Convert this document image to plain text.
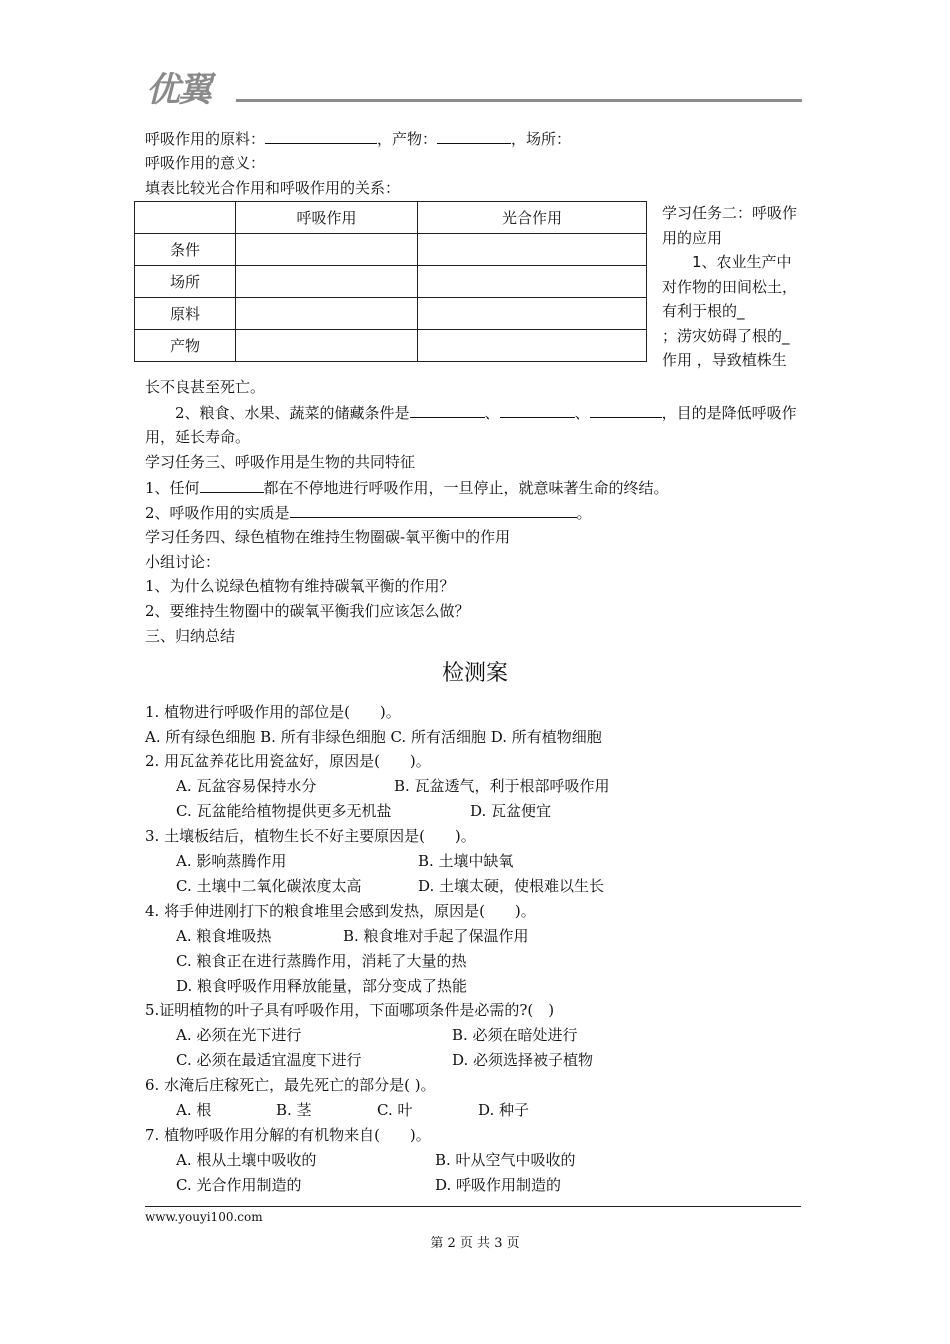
优翼
呼吸作用的原料：	，产物：	，场所：
呼吸作用的意义：
填表比较光合作用和呼吸作用的关系：
	呼吸作用	光合作用
条件		
场所		
原料		
产物		
学习任务二：呼吸作
用的应用
　　1、农业生产中
对作物的田间松土，
有利于根的_
；涝灾妨碍了根的_
作用 ，导致植株生
长不良甚至死亡。
　　2、粮食、水果、蔬菜的储藏条件是	、	、	，目的是降低呼吸作
用，延长寿命。
学习任务三、呼吸作用是生物的共同特征
1、任何	都在不停地进行呼吸作用，一旦停止，就意味著生命的终结。
2、呼吸作用的实质是	。
学习任务四、绿色植物在维持生物圈碳-氧平衡中的作用
小组讨论：
1、为什么说绿色植物有维持碳氧平衡的作用？
2、要维持生物圈中的碳氧平衡我们应该怎么做？
三、归纳总结
检测案
1. 植物进行呼吸作用的部位是(　　)。
A. 所有绿色细胞 B. 所有非绿色细胞 C. 所有活细胞 D. 所有植物细胞
2. 用瓦盆养花比用瓷盆好，原因是(　　)。
A. 瓦盆容易保持水分	B. 瓦盆透气，利于根部呼吸作用
C. 瓦盆能给植物提供更多无机盐	D. 瓦盆便宜
3. 土壤板结后，植物生长不好主要原因是(　　)。
A. 影响蒸腾作用	B. 土壤中缺氧
C. 土壤中二氧化碳浓度太高	D. 土壤太硬，使根难以生长
4. 将手伸进刚打下的粮食堆里会感到发热，原因是(　　)。
A. 粮食堆吸热	B. 粮食堆对手起了保温作用
C. 粮食正在进行蒸腾作用，消耗了大量的热
D. 粮食呼吸作用释放能量，部分变成了热能
5.证明植物的叶子具有呼吸作用，下面哪项条件是必需的?(　)
A. 必须在光下进行	B. 必须在暗处进行
C. 必须在最适宜温度下进行	D. 必须选择被子植物
6. 水淹后庄稼死亡，最先死亡的部分是( )。
A. 根	B. 茎	C. 叶	D. 种子
7. 植物呼吸作用分解的有机物来自(　　)。
A. 根从土壤中吸收的	B. 叶从空气中吸收的
C. 光合作用制造的	D. 呼吸作用制造的
www.youyi100.com
第 2 页 共 3 页
